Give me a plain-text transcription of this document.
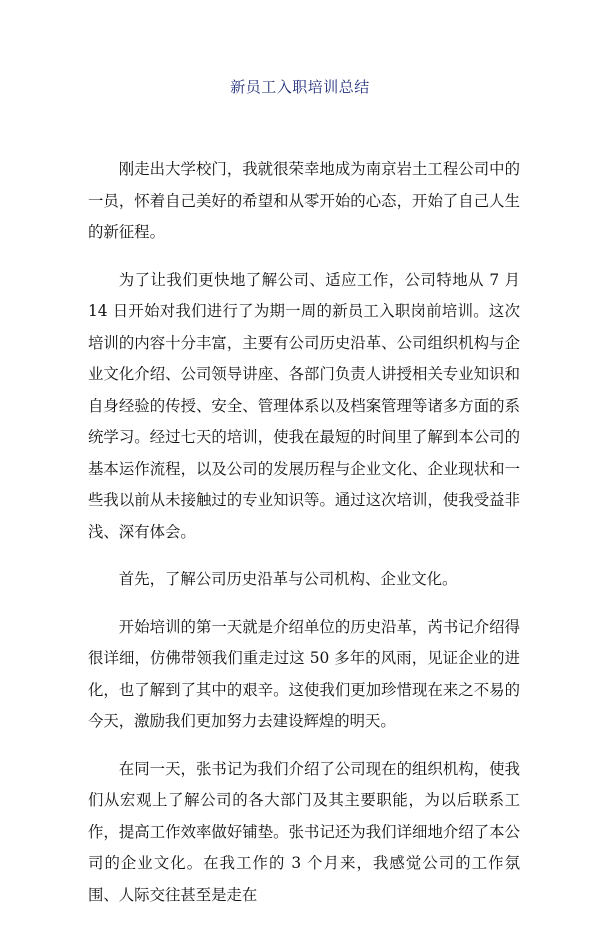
新员工入职培训总结

刚走出大学校门，我就很荣幸地成为南京岩土工程公司中的一员，怀着自己美好的希望和从零开始的心态，开始了自己人生的新征程。

为了让我们更快地了解公司、适应工作，公司特地从 7 月 14 日开始对我们进行了为期一周的新员工入职岗前培训。这次培训的内容十分丰富，主要有公司历史沿革、公司组织机构与企业文化介绍、公司领导讲座、各部门负责人讲授相关专业知识和自身经验的传授、安全、管理体系以及档案管理等诸多方面的系统学习。经过七天的培训，使我在最短的时间里了解到本公司的基本运作流程，以及公司的发展历程与企业文化、企业现状和一些我以前从未接触过的专业知识等。通过这次培训，使我受益非浅、深有体会。

首先，了解公司历史沿革与公司机构、企业文化。

开始培训的第一天就是介绍单位的历史沿革，芮书记介绍得很详细，仿佛带领我们重走过这 50 多年的风雨，见证企业的进化，也了解到了其中的艰辛。这使我们更加珍惜现在来之不易的今天，激励我们更加努力去建设辉煌的明天。

在同一天，张书记为我们介绍了公司现在的组织机构，使我们从宏观上了解公司的各大部门及其主要职能，为以后联系工作，提高工作效率做好铺垫。张书记还为我们详细地介绍了本公司的企业文化。在我工作的 3 个月来，我感觉公司的工作氛围、人际交往甚至是走在
